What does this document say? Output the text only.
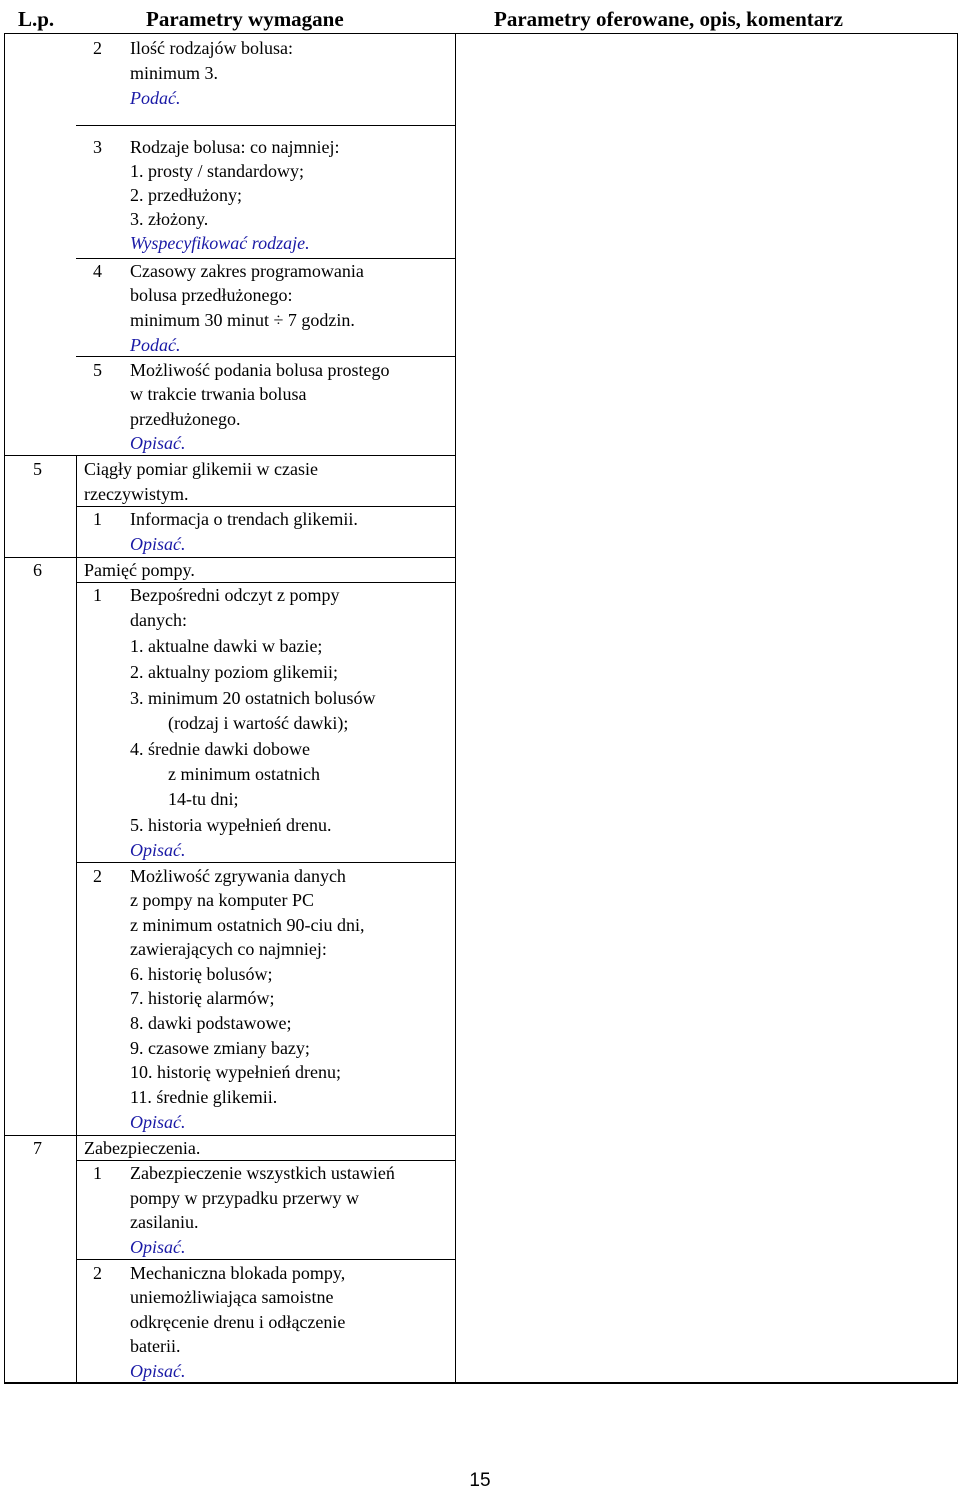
L.p.	Parametry wymagane	Parametry oferowane, opis, komentarz
2 Ilość rodzajów bolusa:
minimum 3.
Podać.
3 Rodzaje bolusa: co najmniej:
1. prosty / standardowy;
2. przedłużony;
3. złożony.
Wyspecyfikować rodzaje.
4 Czasowy zakres programowania
bolusa przedłużonego:
minimum 30 minut ÷ 7 godzin.
Podać.
5 Możliwość podania bolusa prostego
w trakcie trwania bolusa
przedłużonego.
Opisać.
5 Ciągły pomiar glikemii w czasie
rzeczywistym.
1 Informacja o trendach glikemii.
Opisać.
6 Pamięć pompy.
1 Bezpośredni odczyt z pompy
danych:
1. aktualne dawki w bazie;
2. aktualny poziom glikemii;
3. minimum 20 ostatnich bolusów
(rodzaj i wartość dawki);
4. średnie dawki dobowe
z minimum ostatnich
14-tu dni;
5. historia wypełnień drenu.
Opisać.
2 Możliwość zgrywania danych
z pompy na komputer PC
z minimum ostatnich 90-ciu dni,
zawierających co najmniej:
6. historię bolusów;
7. historię alarmów;
8. dawki podstawowe;
9. czasowe zmiany bazy;
10. historię wypełnień drenu;
11. średnie glikemii.
Opisać.
7 Zabezpieczenia.
1 Zabezpieczenie wszystkich ustawień
pompy w przypadku przerwy w
zasilaniu.
Opisać.
2 Mechaniczna blokada pompy,
uniemożliwiająca samoistne
odkręcenie drenu i odłączenie
baterii.
Opisać.
15
